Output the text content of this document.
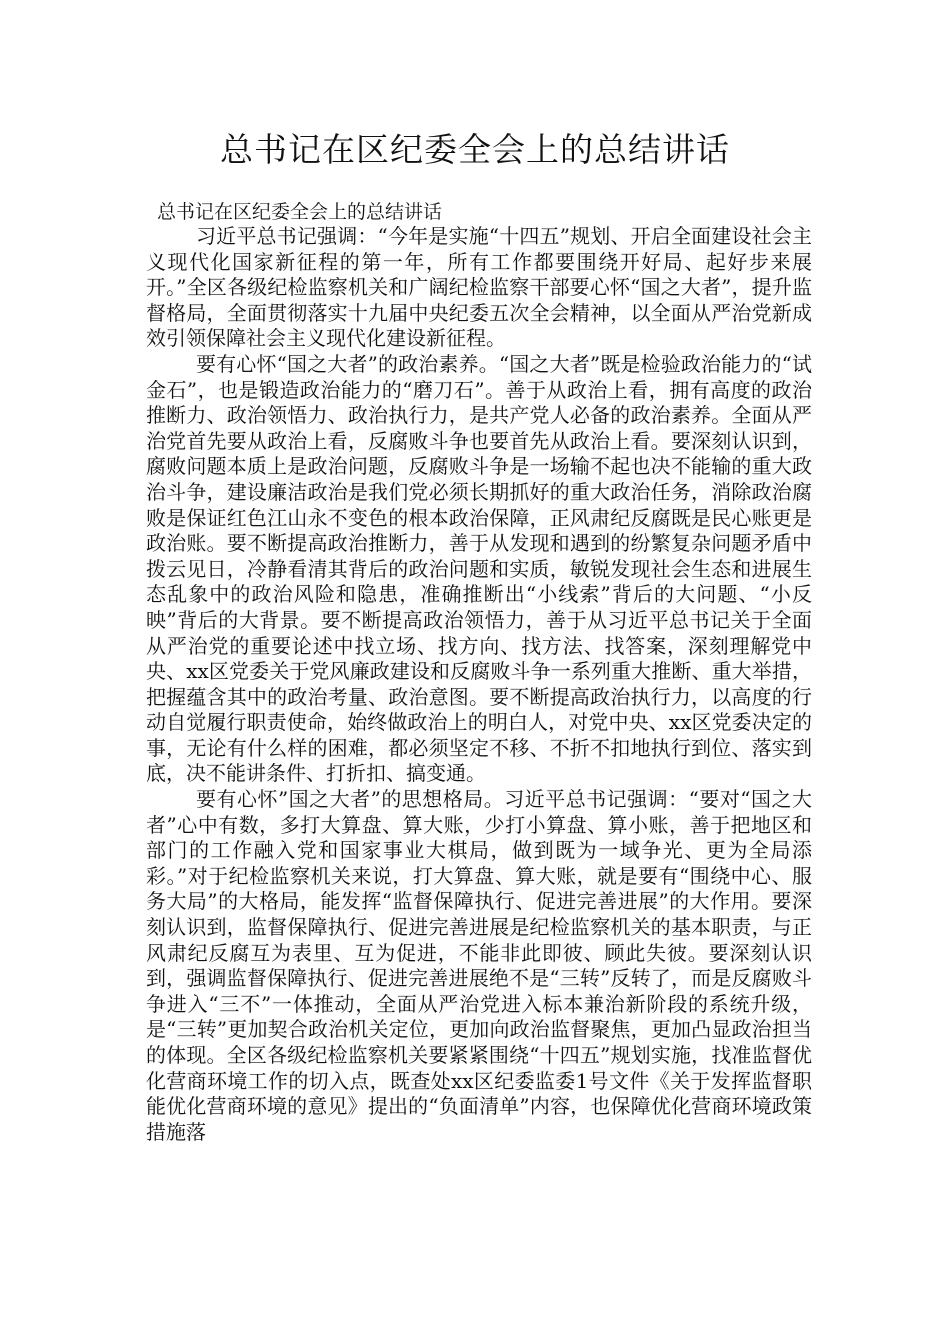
总书记在区纪委全会上的总结讲话
总书记在区纪委全会上的总结讲话

习近平总书记强调：“今年是实施“十四五”规划、开启全面建设社会主义现代化国家新征程的第一年，所有工作都要围绕开好局、起好步来展开。”全区各级纪检监察机关和广阔纪检监察干部要心怀“国之大者”，提升监督格局，全面贯彻落实十九届中央纪委五次全会精神，以全面从严治党新成效引领保障社会主义现代化建设新征程。

要有心怀“国之大者”的政治素养。“国之大者”既是检验政治能力的“试金石”，也是锻造政治能力的“磨刀石”。善于从政治上看，拥有高度的政治推断力、政治领悟力、政治执行力，是共产党人必备的政治素养。全面从严治党首先要从政治上看，反腐败斗争也要首先从政治上看。要深刻认识到，腐败问题本质上是政治问题，反腐败斗争是一场输不起也决不能输的重大政治斗争，建设廉洁政治是我们党必须长期抓好的重大政治任务，消除政治腐败是保证红色江山永不变色的根本政治保障，正风肃纪反腐既是民心账更是政治账。要不断提高政治推断力，善于从发现和遇到的纷繁复杂问题矛盾中拨云见日，冷静看清其背后的政治问题和实质，敏锐发现社会生态和进展生态乱象中的政治风险和隐患，准确推断出“小线索”背后的大问题、“小反映”背后的大背景。要不断提高政治领悟力，善于从习近平总书记关于全面从严治党的重要论述中找立场、找方向、找方法、找答案，深刻理解党中央、xx区党委关于党风廉政建设和反腐败斗争一系列重大推断、重大举措，把握蕴含其中的政治考量、政治意图。要不断提高政治执行力，以高度的行动自觉履行职责使命，始终做政治上的明白人，对党中央、xx区党委决定的事，无论有什么样的困难，都必须坚定不移、不折不扣地执行到位、落实到底，决不能讲条件、打折扣、搞变通。

要有心怀”国之大者”的思想格局。习近平总书记强调：“要对“国之大者”心中有数，多打大算盘、算大账，少打小算盘、算小账，善于把地区和部门的工作融入党和国家事业大棋局，做到既为一域争光、更为全局添彩。”对于纪检监察机关来说，打大算盘、算大账，就是要有“围绕中心、服务大局”的大格局，能发挥“监督保障执行、促进完善进展”的大作用。要深刻认识到，监督保障执行、促进完善进展是纪检监察机关的基本职责，与正风肃纪反腐互为表里、互为促进，不能非此即彼、顾此失彼。要深刻认识到，强调监督保障执行、促进完善进展绝不是“三转”反转了，而是反腐败斗争进入“三不”一体推动，全面从严治党进入标本兼治新阶段的系统升级，是“三转”更加契合政治机关定位，更加向政治监督聚焦，更加凸显政治担当的体现。全区各级纪检监察机关要紧紧围绕“十四五”规划实施，找准监督优化营商环境工作的切入点，既查处xx区纪委监委1号文件《关于发挥监督职能优化营商环境的意见》提出的“负面清单”内容，也保障优化营商环境政策措施落
